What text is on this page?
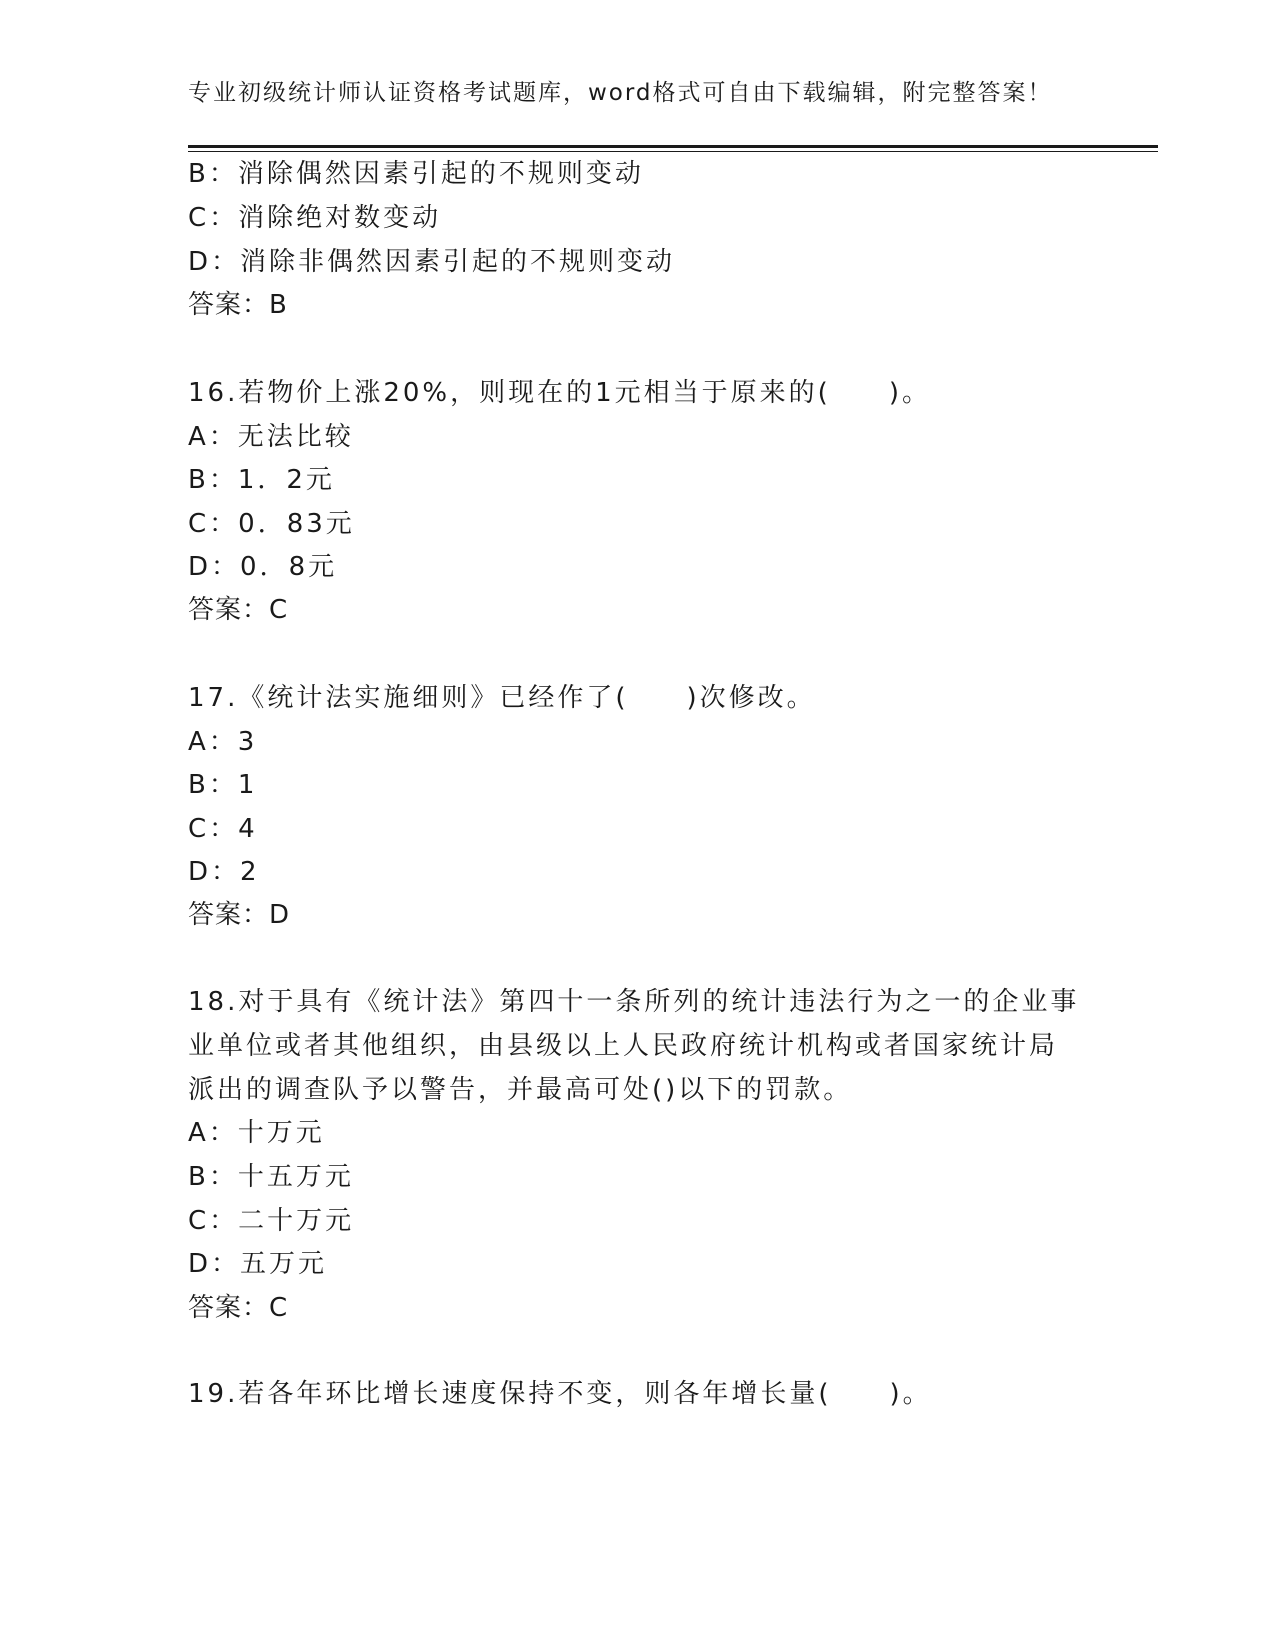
专业初级统计师认证资格考试题库，word格式可自由下载编辑，附完整答案！
B：消除偶然因素引起的不规则变动
C：消除绝对数变动
D：消除非偶然因素引起的不规则变动
答案：B
16.若物价上涨20%，则现在的1元相当于原来的(　　)。
A：无法比较
B：1．2元
C：0．83元
D：0．8元
答案：C
17.《统计法实施细则》已经作了(　　)次修改。
A：3
B：1
C：4
D：2
答案：D
18.对于具有《统计法》第四十一条所列的统计违法行为之一的企业事
业单位或者其他组织，由县级以上人民政府统计机构或者国家统计局
派出的调查队予以警告，并最高可处()以下的罚款。
A：十万元
B：十五万元
C：二十万元
D：五万元
答案：C
19.若各年环比增长速度保持不变，则各年增长量(　　)。
